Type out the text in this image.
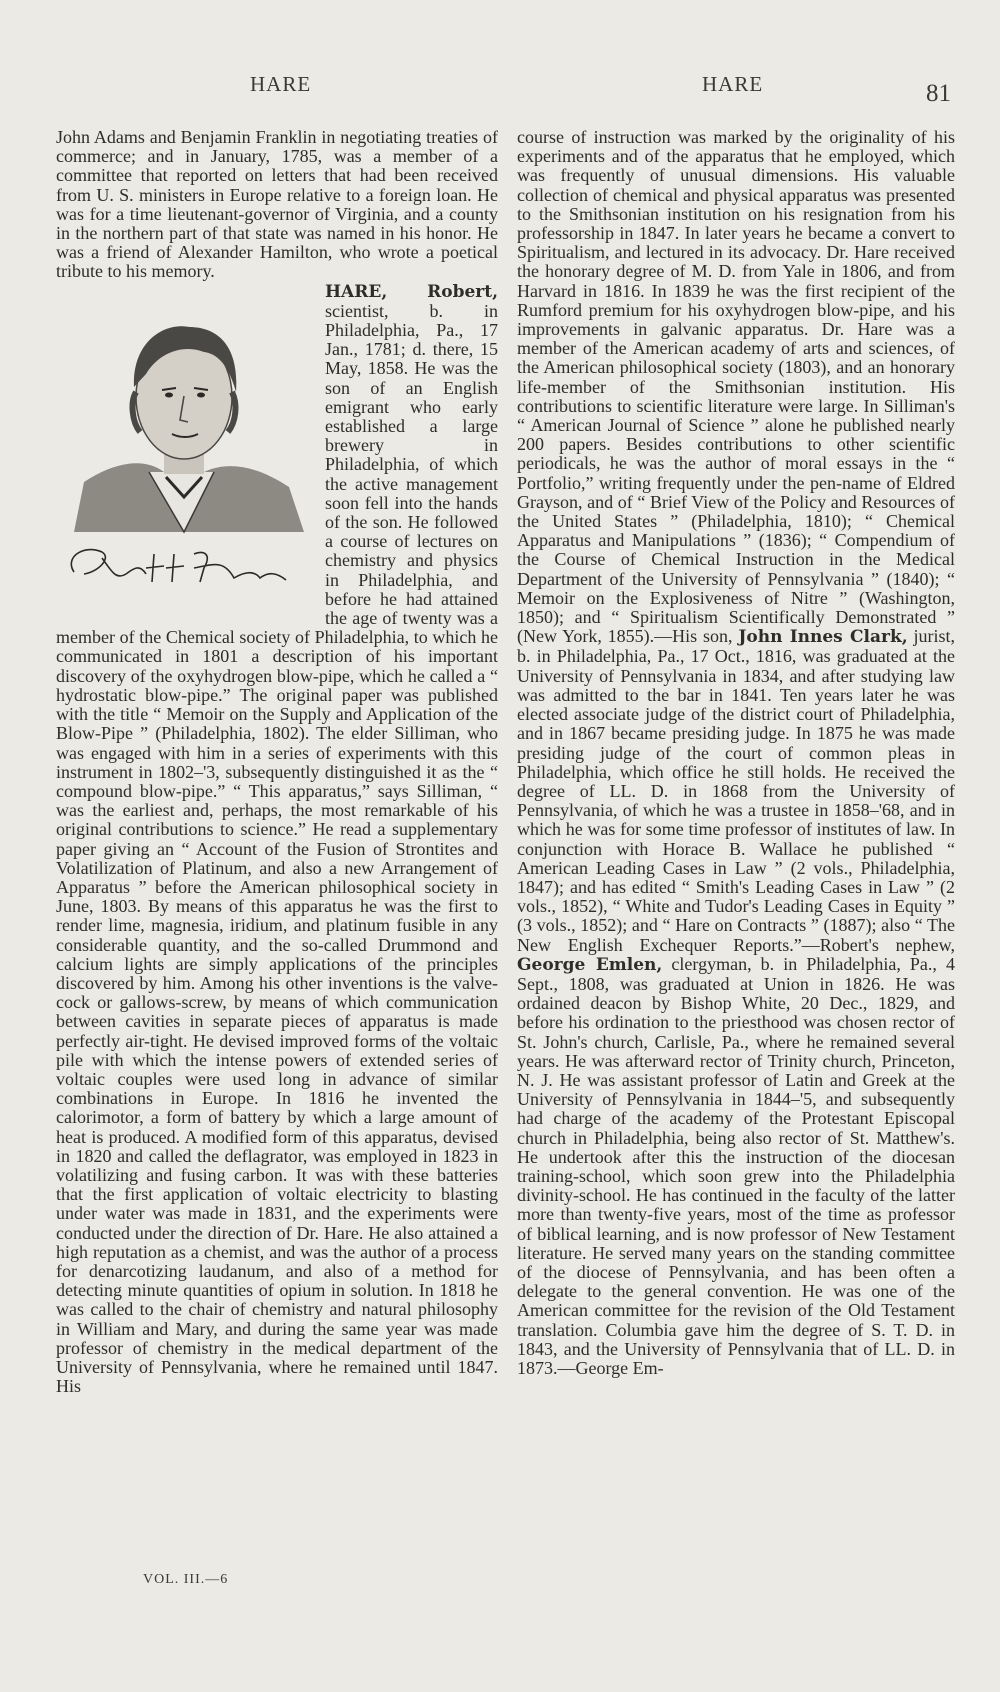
HARE	HARE	81

John Adams and Benjamin Franklin in negotiating treaties of commerce; and in January, 1785, was a member of a committee that reported on letters that had been received from U. S. ministers in Europe relative to a foreign loan. He was for a time lieutenant-governor of Virginia, and a county in the northern part of that state was named in his honor. He was a friend of Alexander Hamilton, who wrote a poetical tribute to his memory.

HARE, Robert, scientist, b. in Philadelphia, Pa., 17 Jan., 1781; d. there, 15 May, 1858. He was the son of an English emigrant who early established a large brewery in Philadelphia, of which the active management soon fell into the hands of the son. He followed a course of lectures on chemistry and physics in Philadelphia, and before he had attained the age of twenty was a member of the Chemical society of Philadelphia, to which he communicated in 1801 a description of his important discovery of the oxyhydrogen blow-pipe, which he called a “ hydrostatic blow-pipe.” The original paper was published with the title “ Memoir on the Supply and Application of the Blow-Pipe ” (Philadelphia, 1802). The elder Silliman, who was engaged with him in a series of experiments with this instrument in 1802–'3, subsequently distinguished it as the “ compound blow-pipe.” “ This apparatus,” says Silliman, “ was the earliest and, perhaps, the most remarkable of his original contributions to science.” He read a supplementary paper giving an “ Account of the Fusion of Strontites and Volatilization of Platinum, and also a new Arrangement of Apparatus ” before the American philosophical society in June, 1803. By means of this apparatus he was the first to render lime, magnesia, iridium, and platinum fusible in any considerable quantity, and the so-called Drummond and calcium lights are simply applications of the principles discovered by him. Among his other inventions is the valve-cock or gallows-screw, by means of which communication between cavities in separate pieces of apparatus is made perfectly air-tight. He devised improved forms of the voltaic pile with which the intense powers of extended series of voltaic couples were used long in advance of similar combinations in Europe. In 1816 he invented the calorimotor, a form of battery by which a large amount of heat is produced. A modified form of this apparatus, devised in 1820 and called the deflagrator, was employed in 1823 in volatilizing and fusing carbon. It was with these batteries that the first application of voltaic electricity to blasting under water was made in 1831, and the experiments were conducted under the direction of Dr. Hare. He also attained a high reputation as a chemist, and was the author of a process for denarcotizing laudanum, and also of a method for detecting minute quantities of opium in solution. In 1818 he was called to the chair of chemistry and natural philosophy in William and Mary, and during the same year was made professor of chemistry in the medical department of the University of Pennsylvania, where he remained until 1847. His

course of instruction was marked by the originality of his experiments and of the apparatus that he employed, which was frequently of unusual dimensions. His valuable collection of chemical and physical apparatus was presented to the Smithsonian institution on his resignation from his professorship in 1847. In later years he became a convert to Spiritualism, and lectured in its advocacy. Dr. Hare received the honorary degree of M. D. from Yale in 1806, and from Harvard in 1816. In 1839 he was the first recipient of the Rumford premium for his oxyhydrogen blow-pipe, and his improvements in galvanic apparatus. Dr. Hare was a member of the American academy of arts and sciences, of the American philosophical society (1803), and an honorary life-member of the Smithsonian institution. His contributions to scientific literature were large. In Silliman's “ American Journal of Science ” alone he published nearly 200 papers. Besides contributions to other scientific periodicals, he was the author of moral essays in the “ Portfolio,” writing frequently under the pen-name of Eldred Grayson, and of “ Brief View of the Policy and Resources of the United States ” (Philadelphia, 1810); “ Chemical Apparatus and Manipulations ” (1836); “ Compendium of the Course of Chemical Instruction in the Medical Department of the University of Pennsylvania ” (1840); “ Memoir on the Explosiveness of Nitre ” (Washington, 1850); and “ Spiritualism Scientifically Demonstrated ” (New York, 1855).—His son, John Innes Clark, jurist, b. in Philadelphia, Pa., 17 Oct., 1816, was graduated at the University of Pennsylvania in 1834, and after studying law was admitted to the bar in 1841. Ten years later he was elected associate judge of the district court of Philadelphia, and in 1867 became presiding judge. In 1875 he was made presiding judge of the court of common pleas in Philadelphia, which office he still holds. He received the degree of LL. D. in 1868 from the University of Pennsylvania, of which he was a trustee in 1858–'68, and in which he was for some time professor of institutes of law. In conjunction with Horace B. Wallace he published “ American Leading Cases in Law ” (2 vols., Philadelphia, 1847); and has edited “ Smith's Leading Cases in Law ” (2 vols., 1852), “ White and Tudor's Leading Cases in Equity ” (3 vols., 1852); and “ Hare on Contracts ” (1887); also “ The New English Exchequer Reports.”—Robert's nephew, George Emlen, clergyman, b. in Philadelphia, Pa., 4 Sept., 1808, was graduated at Union in 1826. He was ordained deacon by Bishop White, 20 Dec., 1829, and before his ordination to the priesthood was chosen rector of St. John's church, Carlisle, Pa., where he remained several years. He was afterward rector of Trinity church, Princeton, N. J. He was assistant professor of Latin and Greek at the University of Pennsylvania in 1844–'5, and subsequently had charge of the academy of the Protestant Episcopal church in Philadelphia, being also rector of St. Matthew's. He undertook after this the instruction of the diocesan training-school, which soon grew into the Philadelphia divinity-school. He has continued in the faculty of the latter more than twenty-five years, most of the time as professor of biblical learning, and is now professor of New Testament literature. He served many years on the standing committee of the diocese of Pennsylvania, and has been often a delegate to the general convention. He was one of the American committee for the revision of the Old Testament translation. Columbia gave him the degree of S. T. D. in 1843, and the University of Pennsylvania that of LL. D. in 1873.—George Em-

VOL. III.—6
